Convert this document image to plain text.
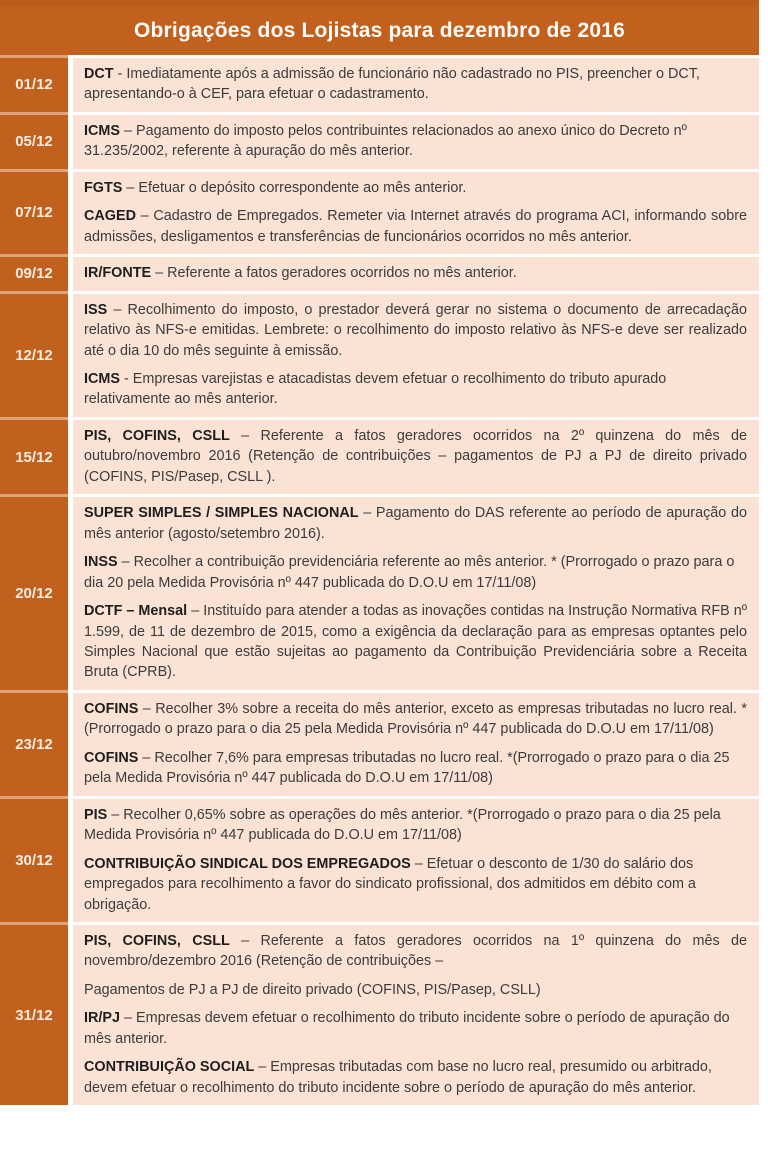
Obrigações dos Lojistas para dezembro de 2016
01/12

DCT - Imediatamente após a admissão de funcionário não cadastrado no PIS, preencher o DCT, apresentando-o à CEF, para efetuar o cadastramento.

05/12

ICMS – Pagamento do imposto pelos contribuintes relacionados ao anexo único do Decreto nº 31.235/2002, referente à apuração do mês anterior.

07/12

FGTS – Efetuar o depósito correspondente ao mês anterior.

CAGED – Cadastro de Empregados. Remeter via Internet através do programa ACI, informando sobre admissões, desligamentos e transferências de funcionários ocorridos no mês anterior.

09/12	IR/FONTE – Referente a fatos geradores ocorridos no mês anterior.

12/12

ISS – Recolhimento do imposto, o prestador deverá gerar no sistema o documento de arrecadação relativo às NFS-e emitidas. Lembrete: o recolhimento do imposto relativo às NFS-e deve ser realizado até o dia 10 do mês seguinte à emissão.

ICMS - Empresas varejistas e atacadistas devem efetuar o recolhimento do tributo apurado relativamente ao mês anterior.

15/12

PIS, COFINS, CSLL – Referente a fatos geradores ocorridos na 2º quinzena do mês de outubro/novembro 2016 (Retenção de contribuições – pagamentos de PJ a PJ de direito privado (COFINS, PIS/Pasep, CSLL ).

20/12

SUPER SIMPLES / SIMPLES NACIONAL – Pagamento do DAS referente ao período de apuração do mês anterior (agosto/setembro 2016).

INSS – Recolher a contribuição previdenciária referente ao mês anterior. * (Prorrogado o prazo para o dia 20 pela Medida Provisória nº 447 publicada do D.O.U em 17/11/08)

DCTF – Mensal – Instituído para atender a todas as inovações contidas na Instrução Normativa RFB nº 1.599, de 11 de dezembro de 2015, como a exigência da declaração para as empresas optantes pelo Simples Nacional que estão sujeitas ao pagamento da Contribuição Previdenciária sobre a Receita Bruta (CPRB).

23/12

COFINS – Recolher 3% sobre a receita do mês anterior, exceto as empresas tributadas no lucro real. * (Prorrogado o prazo para o dia 25 pela Medida Provisória nº 447 publicada do D.O.U em 17/11/08)

COFINS – Recolher 7,6% para empresas tributadas no lucro real. *(Prorrogado o prazo para o dia 25 pela Medida Provisória nº 447 publicada do D.O.U em 17/11/08)

30/12

PIS – Recolher 0,65% sobre as operações do mês anterior. *(Prorrogado o prazo para o dia 25 pela Medida Provisória nº 447 publicada do D.O.U em 17/11/08)

CONTRIBUIÇÃO SINDICAL DOS EMPREGADOS – Efetuar o desconto de 1/30 do salário dos empregados para recolhimento a favor do sindicato profissional, dos admitidos em débito com a obrigação.

31/12

PIS, COFINS, CSLL – Referente a fatos geradores ocorridos na 1º quinzena do mês de novembro/dezembro 2016 (Retenção de contribuições –

Pagamentos de PJ a PJ de direito privado (COFINS, PIS/Pasep, CSLL)

IR/PJ – Empresas devem efetuar o recolhimento do tributo incidente sobre o período de apuração do mês anterior.

CONTRIBUIÇÃO SOCIAL – Empresas tributadas com base no lucro real, presumido ou arbitrado, devem efetuar o recolhimento do tributo incidente sobre o período de apuração do mês anterior.
